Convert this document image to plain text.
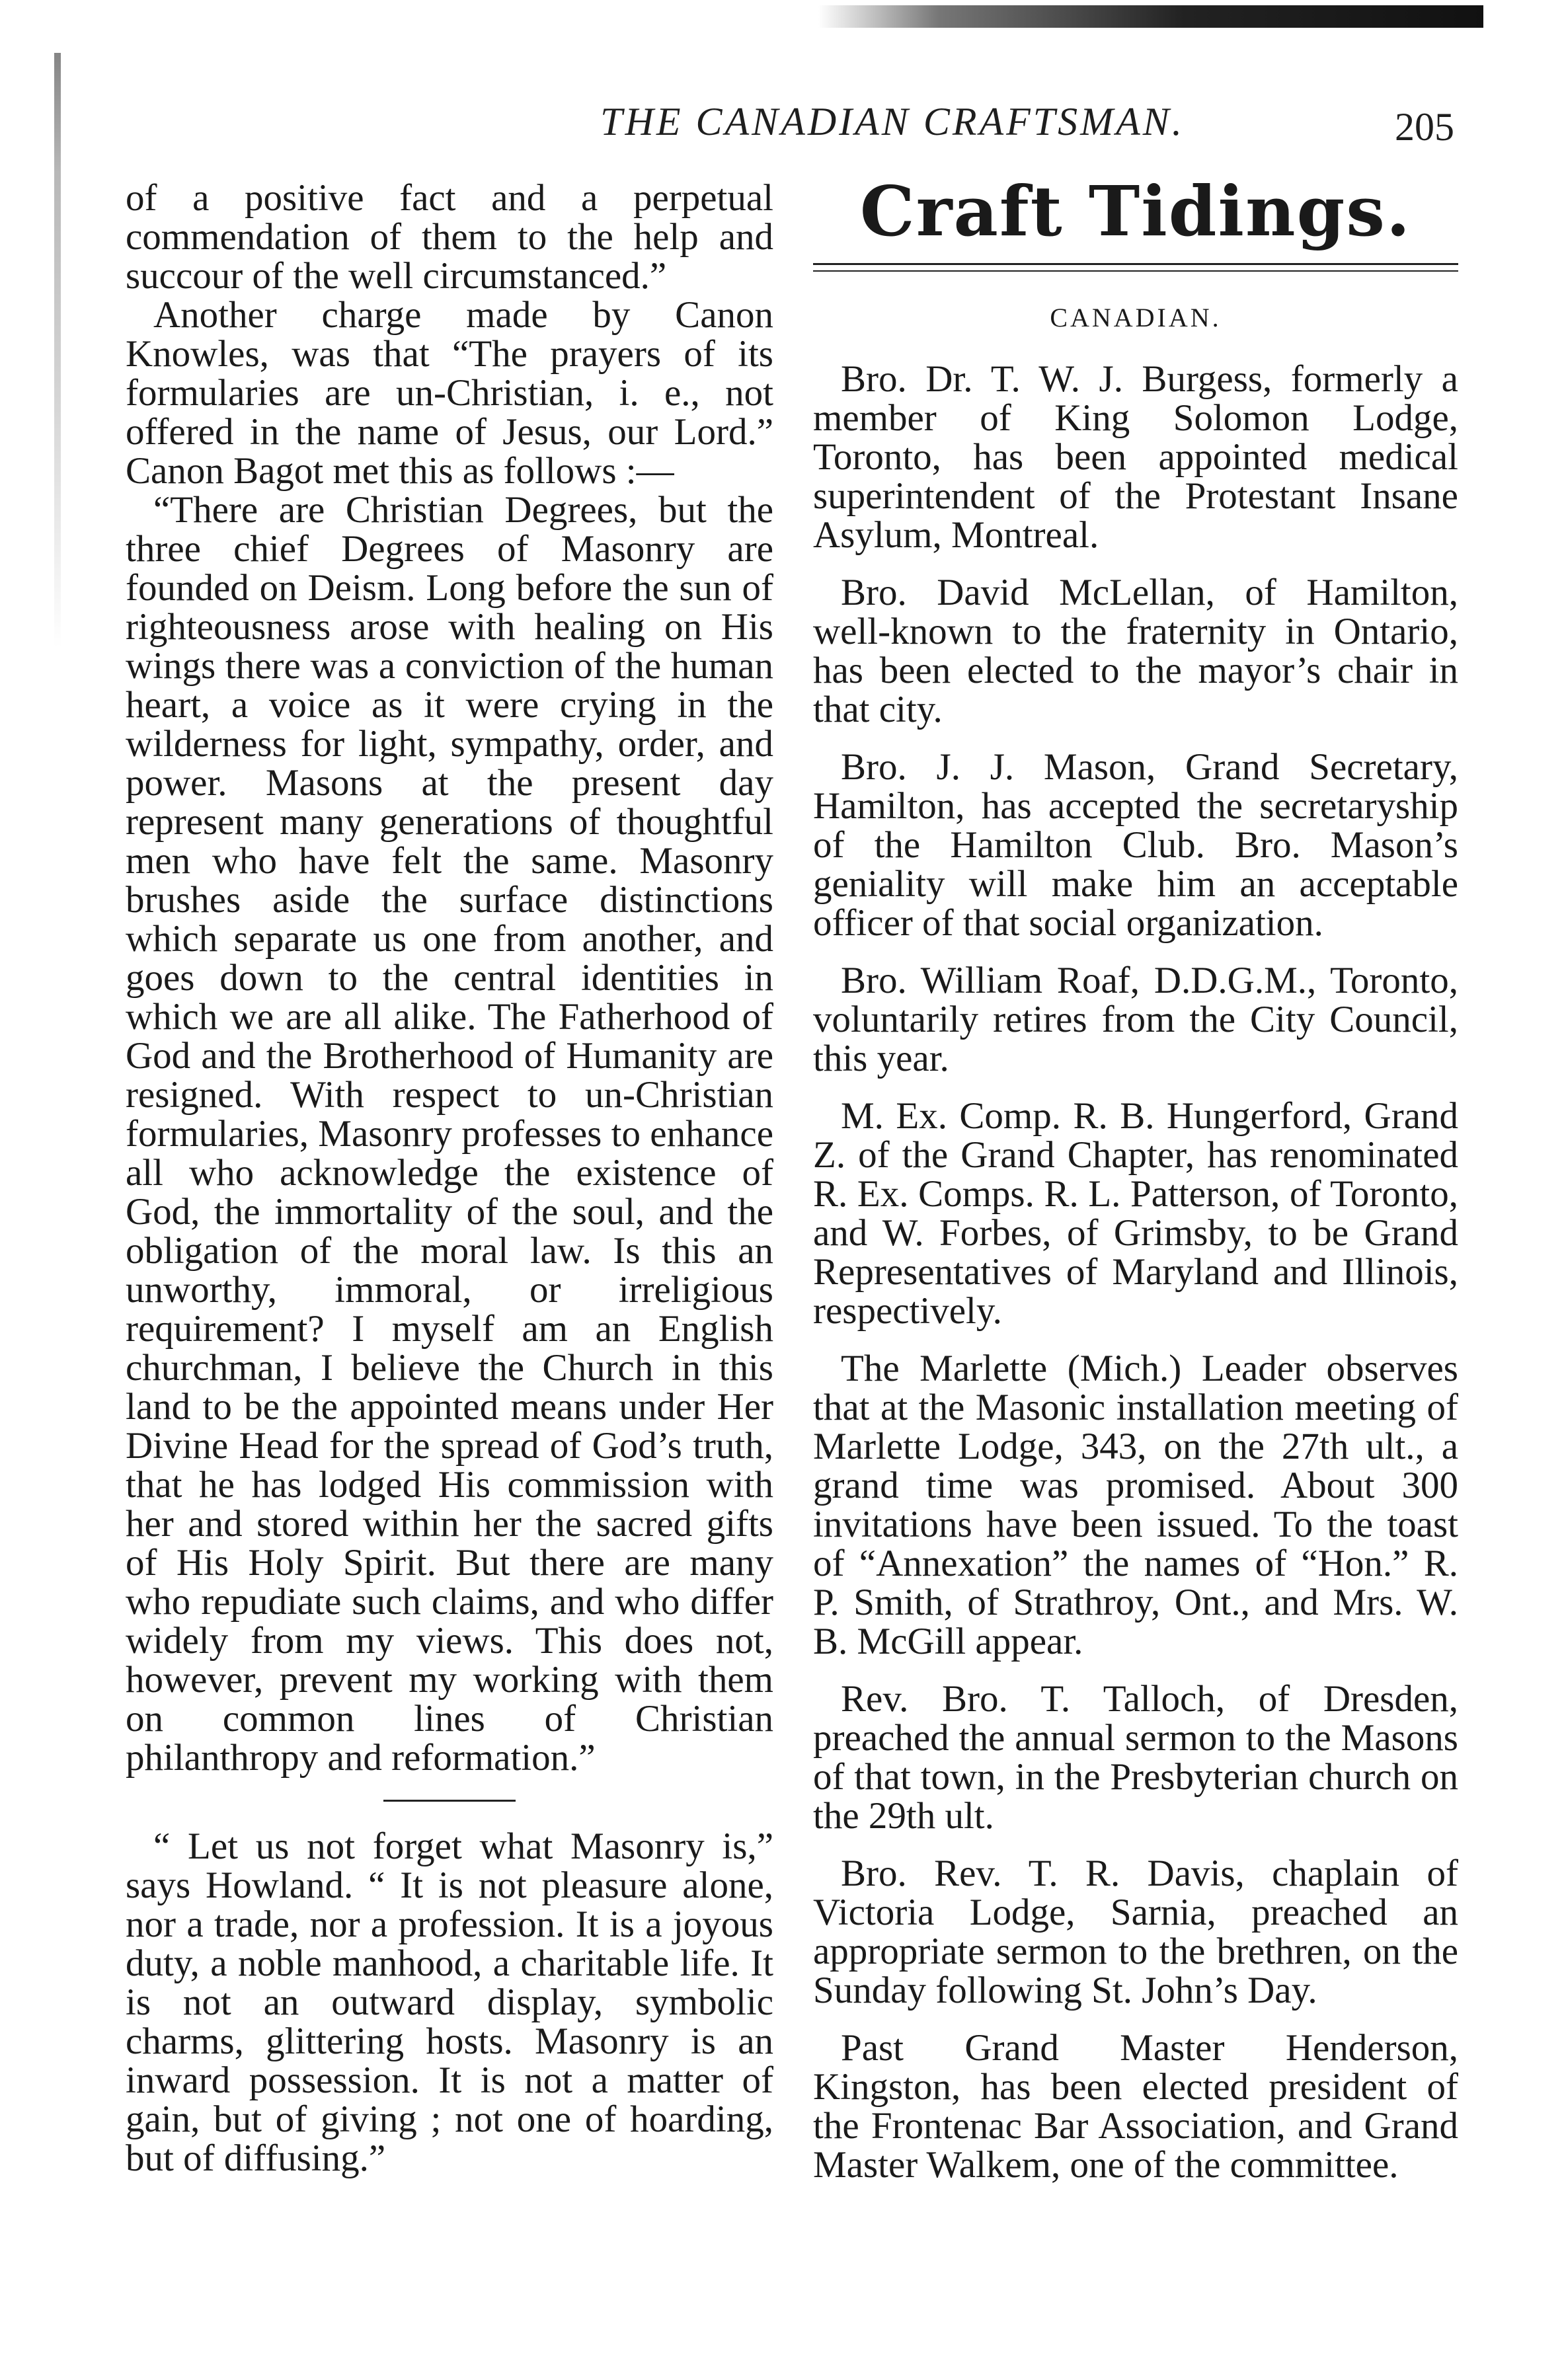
THE CANADIAN CRAFTSMAN.	205

of a positive fact and a perpetual commendation of them to the help and succour of the well circumstanced.”

Another charge made by Canon Knowles, was that “The prayers of its formularies are un-Christian, i. e., not offered in the name of Jesus, our Lord.” Canon Bagot met this as follows :—

“There are Christian Degrees, but the three chief Degrees of Masonry are founded on Deism. Long before the sun of righteousness arose with healing on His wings there was a conviction of the human heart, a voice as it were crying in the wilderness for light, sympathy, order, and power. Masons at the present day represent many generations of thoughtful men who have felt the same. Masonry brushes aside the surface distinctions which separate us one from another, and goes down to the central identities in which we are all alike. The Fatherhood of God and the Brotherhood of Humanity are resigned. With respect to un-Christian formularies, Masonry professes to enhance all who acknowledge the existence of God, the immortality of the soul, and the obligation of the moral law. Is this an unworthy, immoral, or irreligious requirement? I myself am an English churchman, I believe the Church in this land to be the appointed means under Her Divine Head for the spread of God’s truth, that he has lodged His commission with her and stored within her the sacred gifts of His Holy Spirit. But there are many who repudiate such claims, and who differ widely from my views. This does not, however, prevent my working with them on common lines of Christian philanthropy and reformation.”

“ Let us not forget what Masonry is,” says Howland. “ It is not pleasure alone, nor a trade, nor a profession. It is a joyous duty, a noble manhood, a charitable life. It is not an outward display, symbolic charms, glittering hosts. Masonry is an inward possession. It is not a matter of gain, but of giving ; not one of hoarding, but of diffusing.”

Craft Tidings.
CANADIAN.

Bro. Dr. T. W. J. Burgess, formerly a member of King Solomon Lodge, Toronto, has been appointed medical superintendent of the Protestant Insane Asylum, Montreal.

Bro. David McLellan, of Hamilton, well-known to the fraternity in Ontario, has been elected to the mayor’s chair in that city.

Bro. J. J. Mason, Grand Secretary, Hamilton, has accepted the secretaryship of the Hamilton Club. Bro. Mason’s geniality will make him an acceptable officer of that social organization.

Bro. William Roaf, D.D.G.M., Toronto, voluntarily retires from the City Council, this year.

M. Ex. Comp. R. B. Hungerford, Grand Z. of the Grand Chapter, has renominated R. Ex. Comps. R. L. Patterson, of Toronto, and W. Forbes, of Grimsby, to be Grand Representatives of Maryland and Illinois, respectively.

The Marlette (Mich.) Leader observes that at the Masonic installation meeting of Marlette Lodge, 343, on the 27th ult., a grand time was promised. About 300 invitations have been issued. To the toast of “Annexation” the names of “Hon.” R. P. Smith, of Strathroy, Ont., and Mrs. W. B. McGill appear.

Rev. Bro. T. Talloch, of Dresden, preached the annual sermon to the Masons of that town, in the Presbyterian church on the 29th ult.

Bro. Rev. T. R. Davis, chaplain of Victoria Lodge, Sarnia, preached an appropriate sermon to the brethren, on the Sunday following St. John’s Day.

Past Grand Master Henderson, Kingston, has been elected president of the Frontenac Bar Association, and Grand Master Walkem, one of the committee.
